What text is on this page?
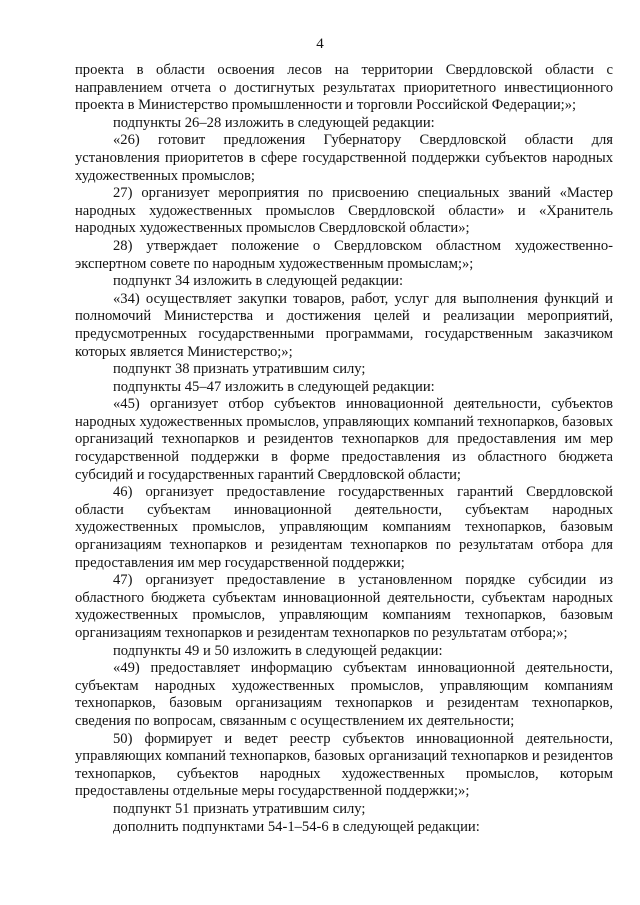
4

проекта в области освоения лесов на территории Свердловской области с направлением отчета о достигнутых результатах приоритетного инвестиционного проекта в Министерство промышленности и торговли Российской Федерации;»;

подпункты 26–28 изложить в следующей редакции:

«26) готовит предложения Губернатору Свердловской области для установления приоритетов в сфере государственной поддержки субъектов народных художественных промыслов;

27) организует мероприятия по присвоению специальных званий «Мастер народных художественных промыслов Свердловской области» и «Хранитель народных художественных промыслов Свердловской области»;

28) утверждает положение о Свердловском областном художественно-экспертном совете по народным художественным промыслам;»;

подпункт 34 изложить в следующей редакции:

«34) осуществляет закупки товаров, работ, услуг для выполнения функций и полномочий Министерства и достижения целей и реализации мероприятий, предусмотренных государственными программами, государственным заказчиком которых является Министерство;»;

подпункт 38 признать утратившим силу;

подпункты 45–47 изложить в следующей редакции:

«45) организует отбор субъектов инновационной деятельности, субъектов народных художественных промыслов, управляющих компаний технопарков, базовых организаций технопарков и резидентов технопарков для предоставления им мер государственной поддержки в форме предоставления из областного бюджета субсидий и государственных гарантий Свердловской области;

46) организует предоставление государственных гарантий Свердловской области субъектам инновационной деятельности, субъектам народных художественных промыслов, управляющим компаниям технопарков, базовым организациям технопарков и резидентам технопарков по результатам отбора для предоставления им мер государственной поддержки;

47) организует предоставление в установленном порядке субсидии из областного бюджета субъектам инновационной деятельности, субъектам народных художественных промыслов, управляющим компаниям технопарков, базовым организациям технопарков и резидентам технопарков по результатам отбора;»;

подпункты 49 и 50 изложить в следующей редакции:

«49) предоставляет информацию субъектам инновационной деятельности, субъектам народных художественных промыслов, управляющим компаниям технопарков, базовым организациям технопарков и резидентам технопарков, сведения по вопросам, связанным с осуществлением их деятельности;

50) формирует и ведет реестр субъектов инновационной деятельности, управляющих компаний технопарков, базовых организаций технопарков и резидентов технопарков, субъектов народных художественных промыслов, которым предоставлены отдельные меры государственной поддержки;»;

подпункт 51 признать утратившим силу;

дополнить подпунктами 54-1–54-6 в следующей редакции:
